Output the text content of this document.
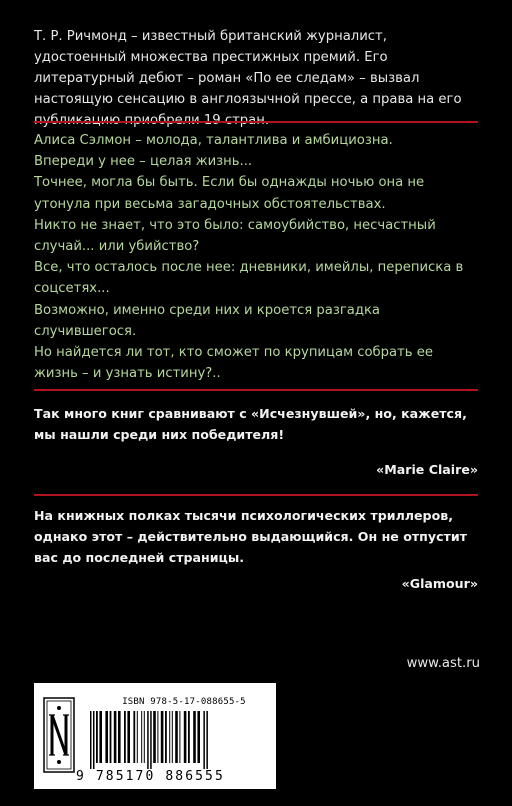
Т. Р. Ричмонд – известный британский журналист, удостоенный множества престижных премий. Его литературный дебют – роман «По ее следам» – вызвал настоящую сенсацию в англоязычной прессе, а права на его

Алиса Сэлмон – молода, талантлива и амбициозна.

Впереди у нее – целая жизнь...

Точнее, могла бы быть. Если бы однажды ночью она не утонула при весьма загадочных обстоятельствах.

Никто не знает, что это было: самоубийство, несчастный случай... или убийство?

Все, что осталось после нее: дневники, имейлы, переписка в соцсетях...

Возможно, именно среди них и кроется разгадка случившегося.

Но найдется ли тот, кто сможет по крупицам собрать ее жизнь – и узнать истину?..

Так много книг сравнивают с «Исчезнувшей», но, кажется, мы нашли среди них победителя!

«Marie Claire»

На книжных полках тысячи психологических триллеров, однако этот – действительно выдающийся. Он не отпустит вас до последней страницы.

«Glamour»
www.ast.ru
ISBN 978-5-17-088655-5
9 785170 886555
